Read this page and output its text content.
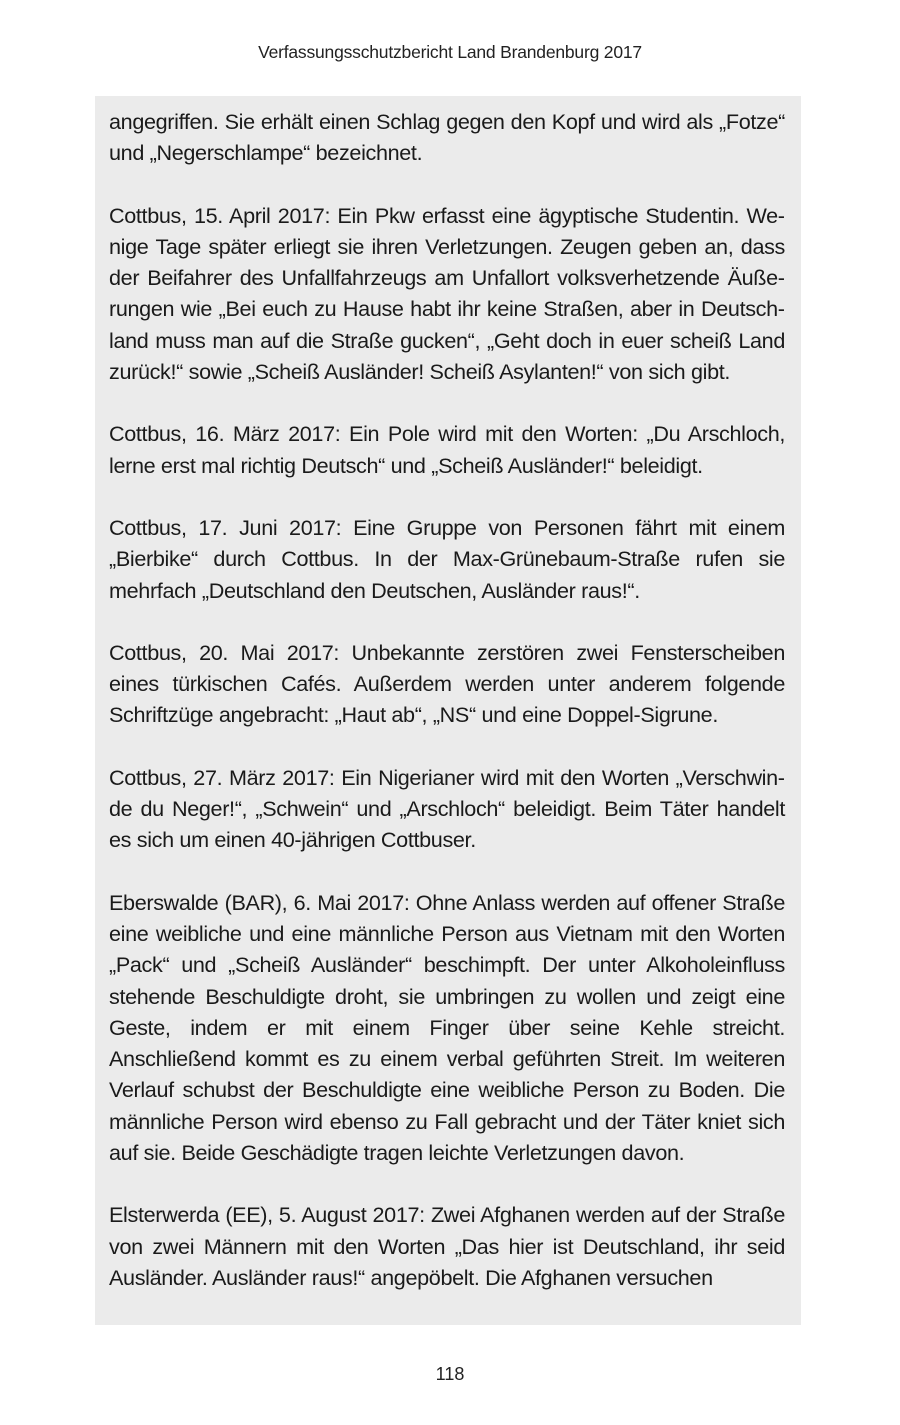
Verfassungsschutzbericht Land Brandenburg 2017

angegriffen. Sie erhält einen Schlag gegen den Kopf und wird als „Fotze“ und „Negerschlampe“ bezeichnet.

Cottbus, 15. April 2017: Ein Pkw erfasst eine ägyptische Studentin. Wenige Tage später erliegt sie ihren Verletzungen. Zeugen geben an, dass der Beifahrer des Unfallfahrzeugs am Unfallort volksverhetzende Äußerungen wie „Bei euch zu Hause habt ihr keine Straßen, aber in Deutschland muss man auf die Straße gucken“, „Geht doch in euer scheiß Land zurück!“ sowie „Scheiß Ausländer! Scheiß Asylanten!“ von sich gibt.

Cottbus, 16. März 2017: Ein Pole wird mit den Worten: „Du Arschloch, lerne erst mal richtig Deutsch“ und „Scheiß Ausländer!“ beleidigt.

Cottbus, 17. Juni 2017: Eine Gruppe von Personen fährt mit einem „Bierbike“ durch Cottbus. In der Max-Grünebaum-Straße rufen sie mehrfach „Deutschland den Deutschen, Ausländer raus!“.

Cottbus, 20. Mai 2017: Unbekannte zerstören zwei Fensterscheiben eines türkischen Cafés. Außerdem werden unter anderem folgende Schriftzüge angebracht: „Haut ab“, „NS“ und eine Doppel-Sigrune.

Cottbus, 27. März 2017: Ein Nigerianer wird mit den Worten „Verschwinde du Neger!“, „Schwein“ und „Arschloch“ beleidigt. Beim Täter handelt es sich um einen 40-jährigen Cottbuser.

Eberswalde (BAR), 6. Mai 2017: Ohne Anlass werden auf offener Straße eine weibliche und eine männliche Person aus Vietnam mit den Worten „Pack“ und „Scheiß Ausländer“ beschimpft. Der unter Alkoholeinfluss stehende Beschuldigte droht, sie umbringen zu wollen und zeigt eine Geste, indem er mit einem Finger über seine Kehle streicht. Anschließend kommt es zu einem verbal geführten Streit. Im weiteren Verlauf schubst der Beschuldigte eine weibliche Person zu Boden. Die männliche Person wird ebenso zu Fall gebracht und der Täter kniet sich auf sie. Beide Geschädigte tragen leichte Verletzungen davon.

Elsterwerda (EE), 5. August 2017: Zwei Afghanen werden auf der Straße von zwei Männern mit den Worten „Das hier ist Deutschland, ihr seid Ausländer. Ausländer raus!“ angepöbelt. Die Afghanen versuchen

118
